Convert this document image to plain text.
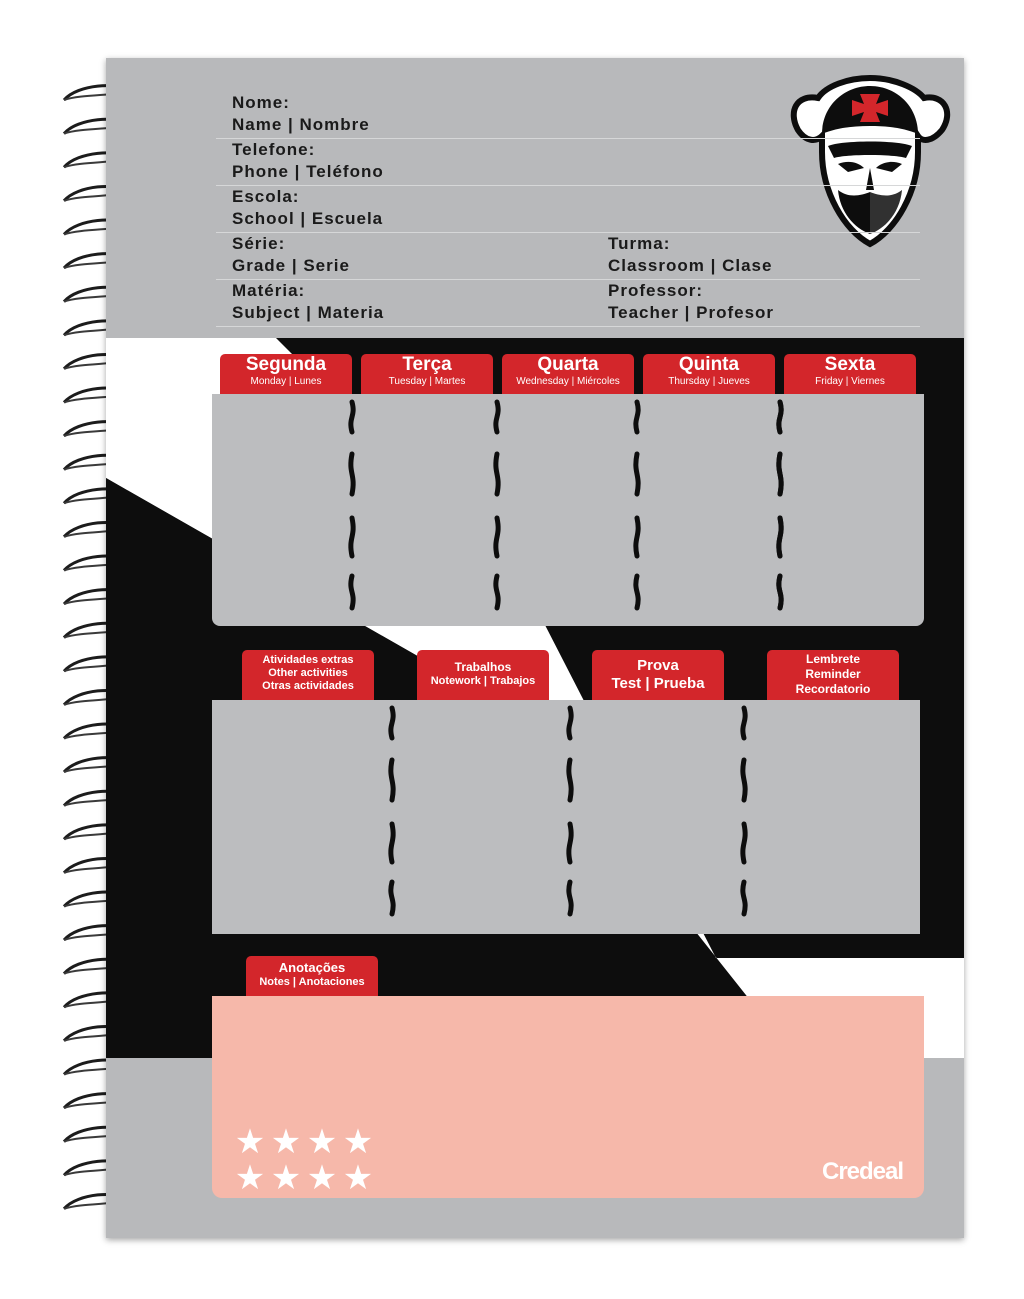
Nome:
Name | Nombre
Telefone:
Phone | Teléfono
Escola:
School | Escuela
Série:
Grade | Serie
Turma:
Classroom | Clase
Matéria:
Subject | Materia
Professor:
Teacher | Profesor
Segunda
Monday | Lunes
Terça
Tuesday | Martes
Quarta
Wednesday | Miércoles
Quinta
Thursday | Jueves
Sexta
Friday | Viernes
Atividades extras
Other activities
Otras actividades
Trabalhos
Notework | Trabajos
Prova
Test | Prueba
Lembrete
Reminder
Recordatorio
Anotações
Notes | Anotaciones
★ ★ ★ ★ ★ ★ ★ ★	Credeal
